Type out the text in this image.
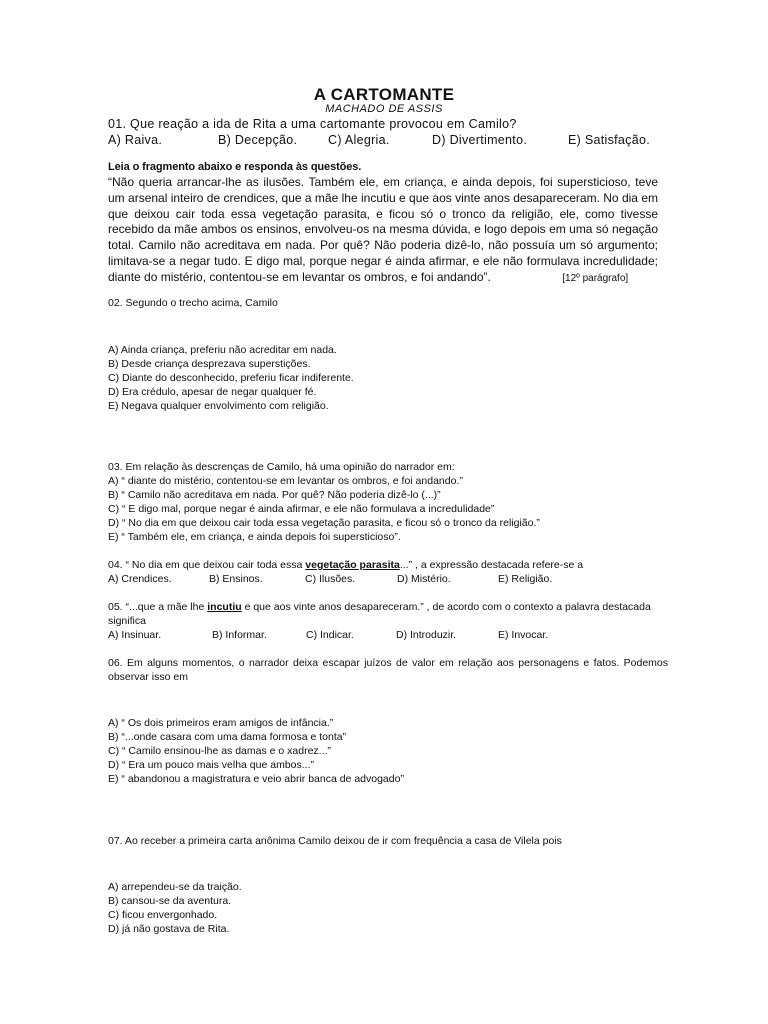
A CARTOMANTE
MACHADO DE ASSIS
01. Que reação a ida de Rita a uma cartomante provocou em Camilo?
A) Raiva.	B) Decepção. C) Alegria.	D) Divertimento.	E) Satisfação.
Leia o fragmento abaixo e responda às questões.
“Não queria arrancar-lhe as ilusões. Também ele, em criança, e ainda depois, foi supersticioso, teve um arsenal inteiro de crendices, que a mãe lhe incutiu e que aos vinte anos desapareceram. No dia em que deixou cair toda essa vegetação parasita, e ficou só o tronco da religião, ele, como tivesse recebido da mãe ambos os ensinos, envolveu-os na mesma dúvida, e logo depois em uma só negação total. Camilo não acreditava em nada. Por quê? Não poderia dizê-lo, não possuía um só argumento; limitava-se a negar tudo. E digo mal, porque negar é ainda afirmar, e ele não formulava incredulidade; diante do mistério, contentou-se em levantar os ombros, e foi andando”.	[12º parágrafo]
02. Segundo o trecho acima, Camilo
A) Ainda criança, preferiu não acreditar em nada.
B) Desde criança desprezava superstições.
C) Diante do desconhecido, preferiu ficar indiferente.
D) Era crédulo, apesar de negar qualquer fé.
E) Negava qualquer envolvimento com religião.
03. Em relação às descrenças de Camilo, há uma opinião do narrador em:
A) “ diante do mistério, contentou-se em levantar os ombros, e foi andando.”
B) “ Camilo não acreditava em nada. Por quê? Não poderia dizê-lo (...)”
C) “ E digo mal, porque negar é ainda afirmar, e ele não formulava a incredulidade”
D) “ No dia em que deixou cair toda essa vegetação parasita, e ficou só o tronco da religião.”
E) “ Também ele, em criança, e ainda depois foi supersticioso”.
04. “ No dia em que deixou cair toda essa vegetação parasita...” , a expressão destacada refere-se a
A) Crendices.	B) Ensinos.	C) Ilusões.	D) Mistério.	E) Religião.
05. “...que a mãe lhe incutiu e que aos vinte anos desapareceram.” , de acordo com o contexto a palavra destacada significa
A) Insinuar.	B) Informar.	C) Indicar.	D) Introduzir.	E) Invocar.
06. Em alguns momentos, o narrador deixa escapar juízos de valor em relação aos personagens e fatos. Podemos observar isso em
A) “ Os dois primeiros eram amigos de infância.”
B) “...onde casara com uma dama formosa e tonta”
C) “ Camilo ensinou-lhe as damas e o xadrez...”
D) “ Era um pouco mais velha que ambos...”
E) “ abandonou a magistratura e veio abrir banca de advogado”
07. Ao receber a primeira carta anônima Camilo deixou de ir com frequência a casa de Vilela pois
A) arrependeu-se da traição.
B) cansou-se da aventura.
C) ficou envergonhado.
D) já não gostava de Rita.
